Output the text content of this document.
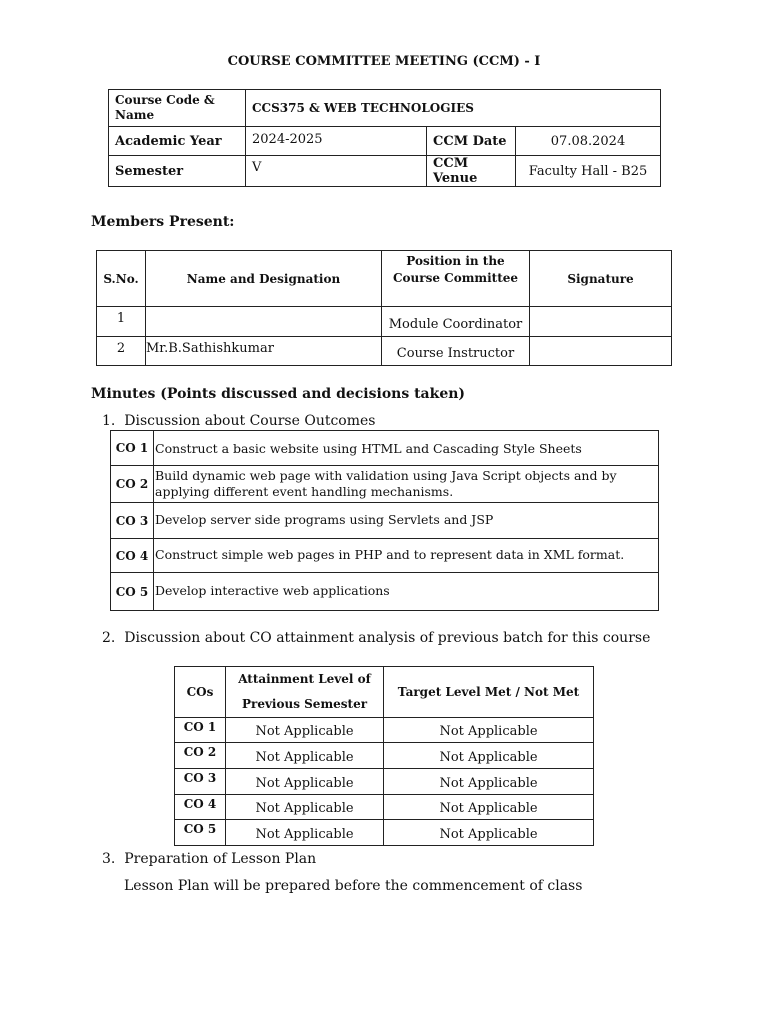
COURSE COMMITTEE MEETING (CCM) - I
Course Code & Name	CCS375 & WEB TECHNOLOGIES		
Academic Year	2024-2025	CCM Date	07.08.2024
Semester	V	CCM Venue	Faculty Hall - B25
Members Present:
S.No.	Name and Designation	Position in the Course Committee	Signature
1		Module Coordinator	
2	Mr.B.Sathishkumar	Course Instructor	
Minutes (Points discussed and decisions taken)
1.  Discussion about Course Outcomes
CO 1	Construct a basic website using HTML and Cascading Style Sheets
CO 2	Build dynamic web page with validation using Java Script objects and by applying different event handling mechanisms.
CO 3	Develop server side programs using Servlets and JSP
CO 4	Construct simple web pages in PHP and to represent data in XML format.
CO 5	Develop interactive web applications
2.  Discussion about CO attainment analysis of previous batch for this course
COs	Attainment Level of Previous Semester	Target Level Met / Not Met
CO 1	Not Applicable	Not Applicable
CO 2	Not Applicable	Not Applicable
CO 3	Not Applicable	Not Applicable
CO 4	Not Applicable	Not Applicable
CO 5	Not Applicable	Not Applicable
3.  Preparation of Lesson Plan
Lesson Plan will be prepared before the commencement of class
